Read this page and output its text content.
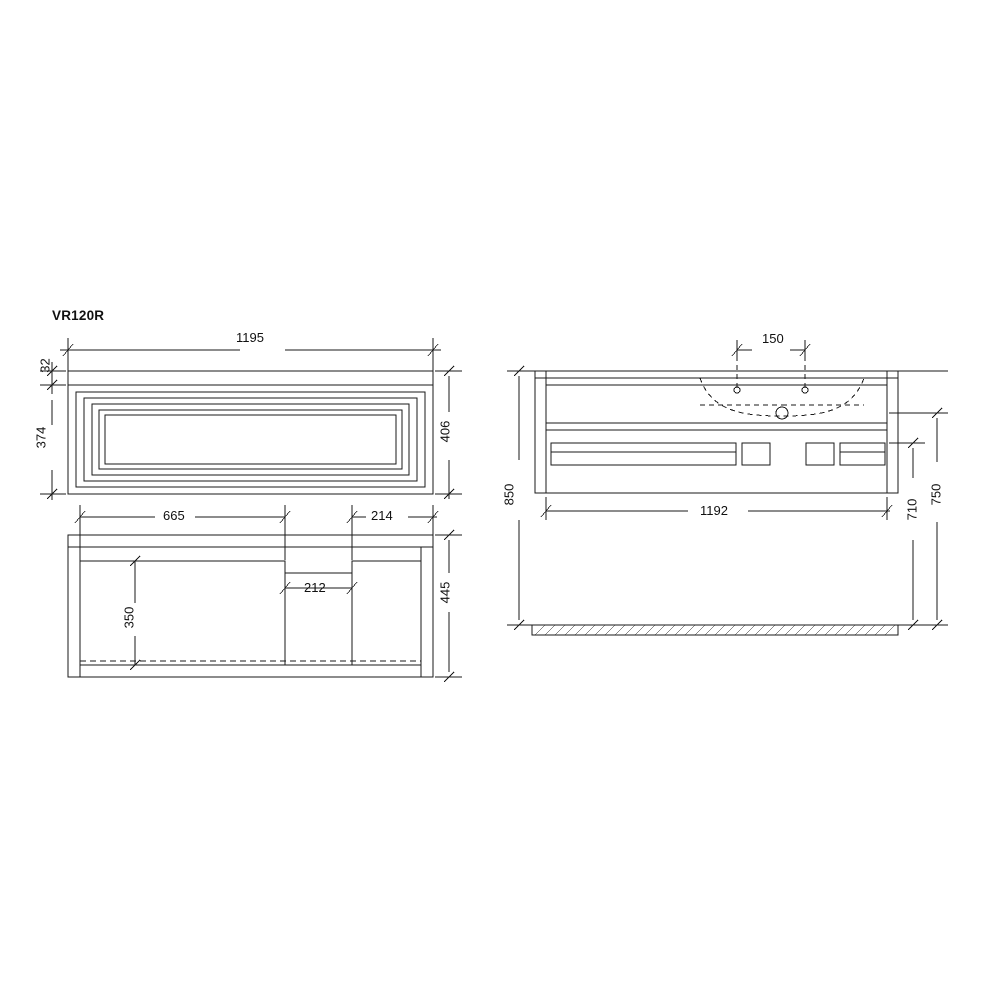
VR120R
1195
32
374	406
665	214
212
350
445
150
1192
850
710
750
